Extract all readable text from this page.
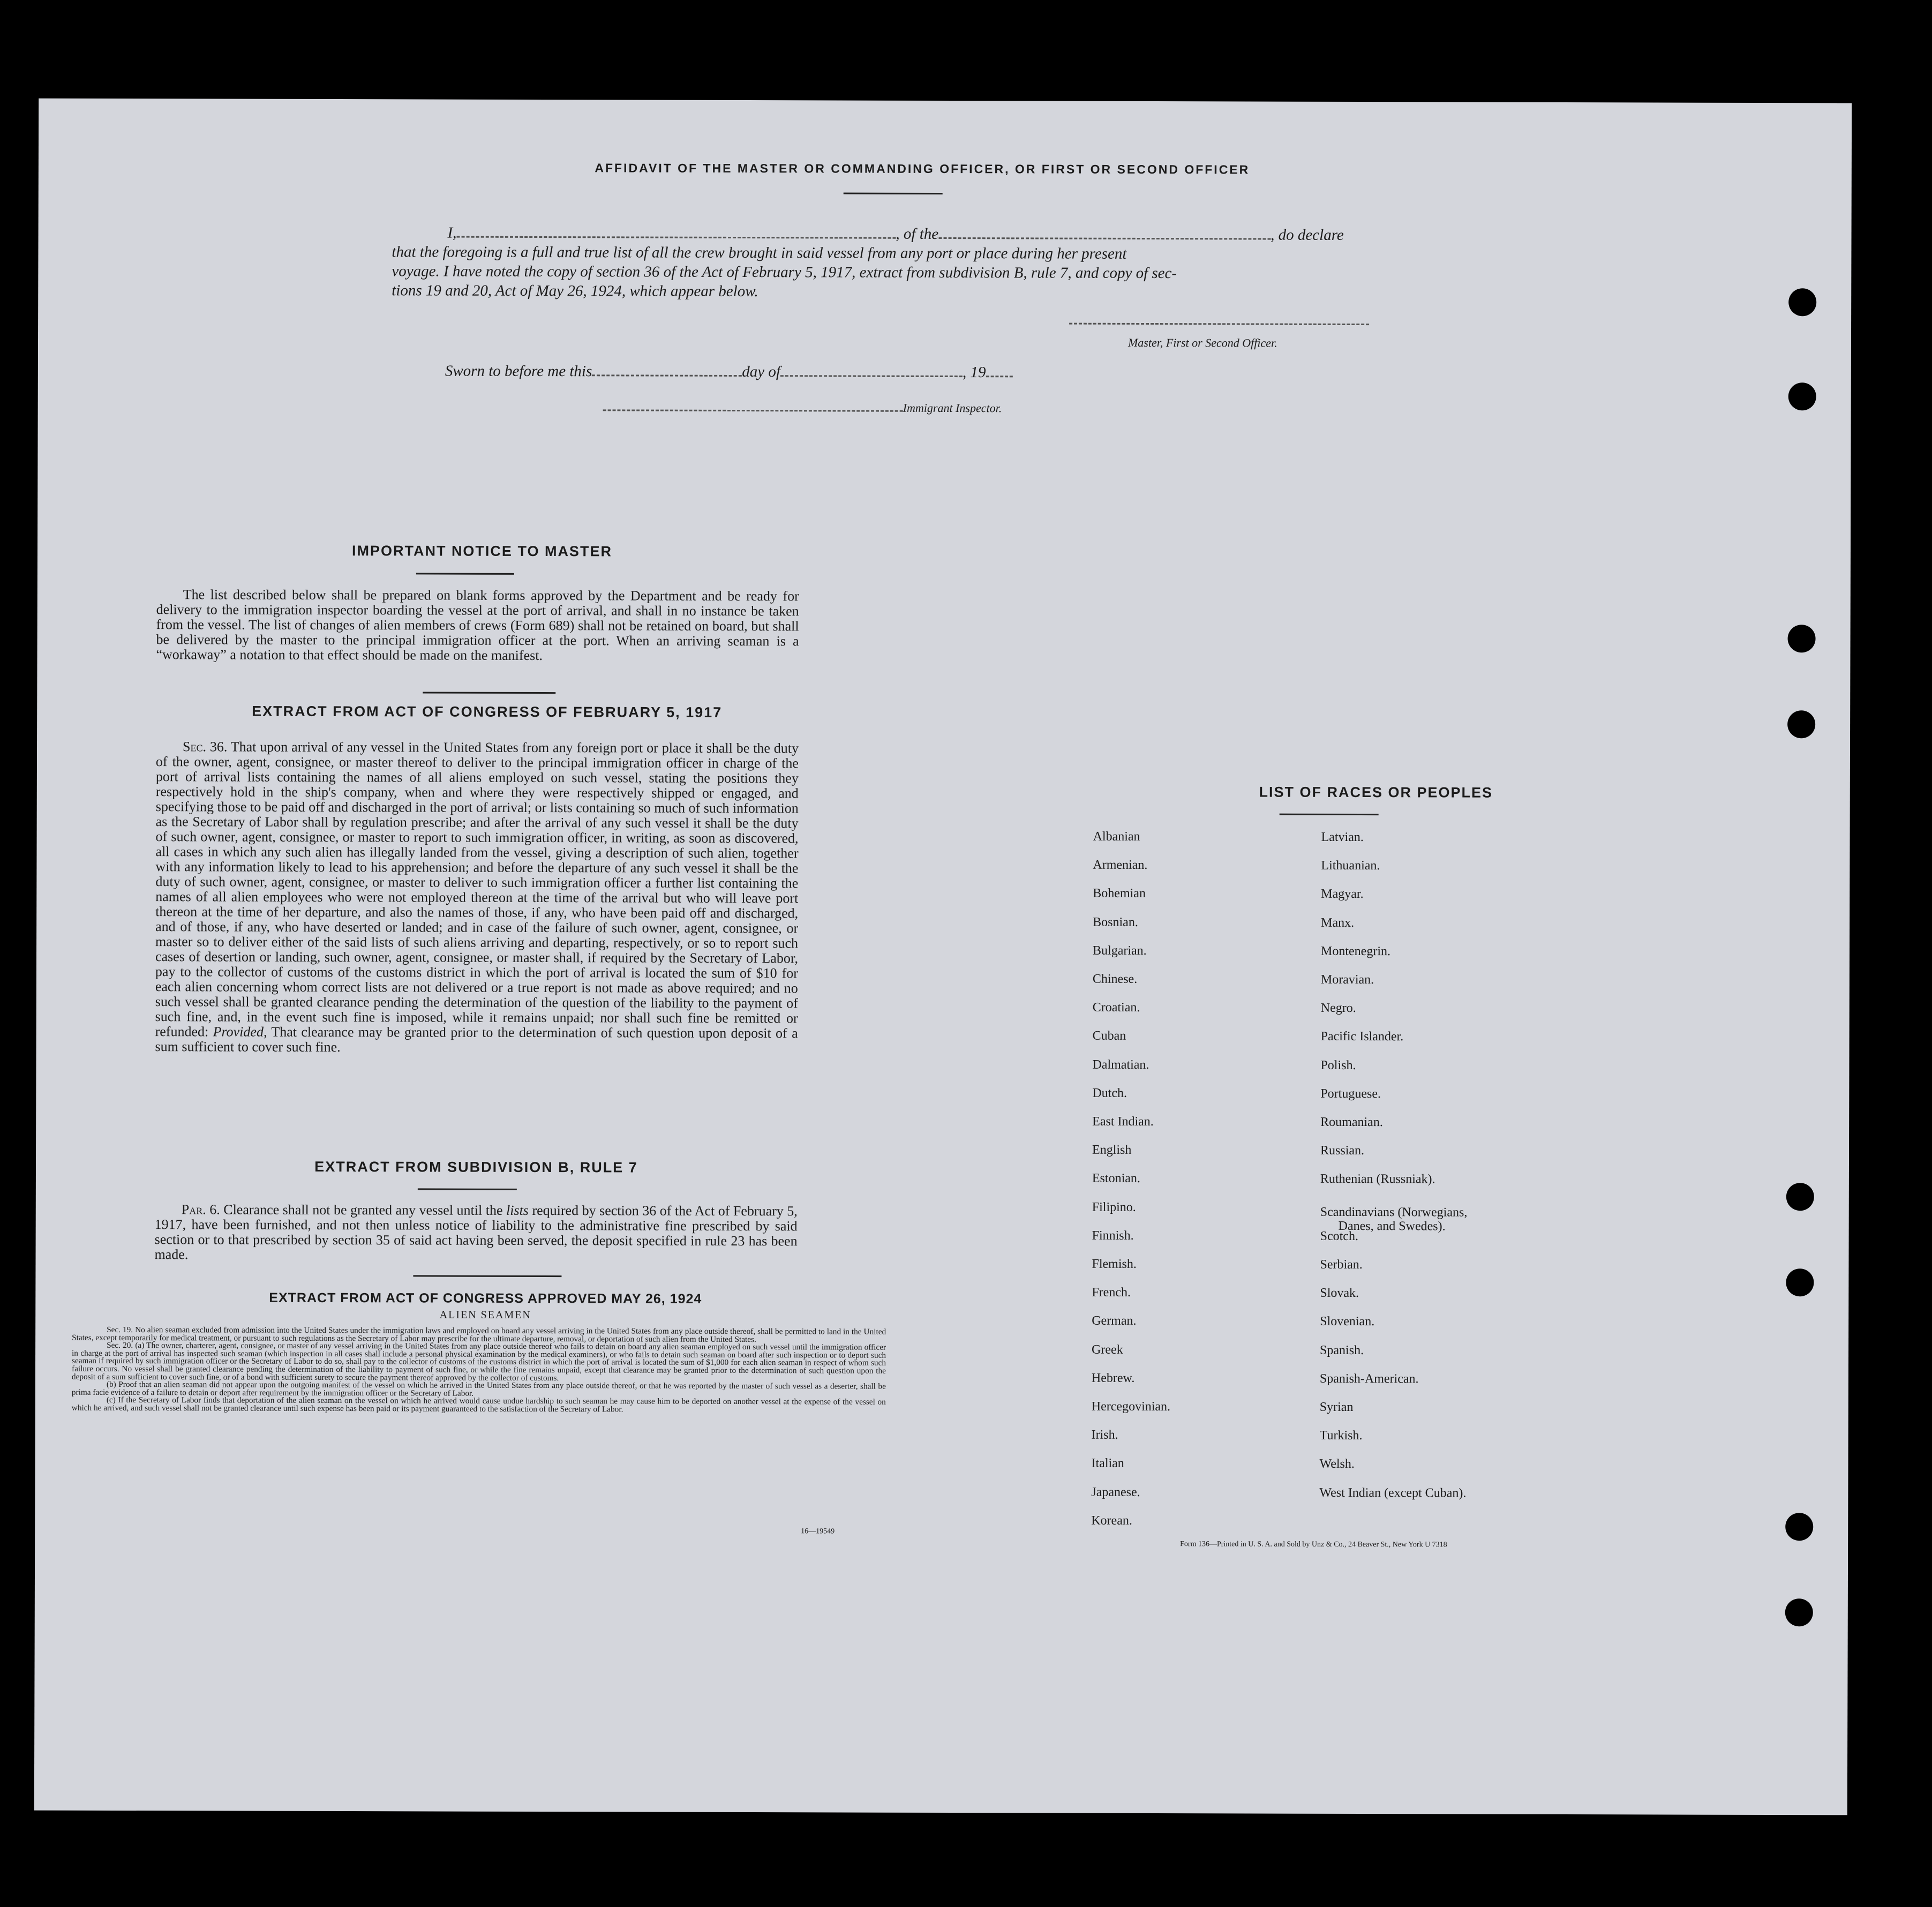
AFFIDAVIT OF THE MASTER OR COMMANDING OFFICER, OR FIRST OR SECOND OFFICER
I,	, of the	, do declare
that the foregoing is a full and true list of all the crew brought in said vessel from any port or place during her present
voyage. I have noted the copy of section 36 of the Act of February 5, 1917, extract from subdivision B, rule 7, and copy of sec-
tions 19 and 20, Act of May 26, 1924, which appear below.
Master, First or Second Officer.
Sworn to before me this	day of	, 19
Immigrant Inspector.
IMPORTANT NOTICE TO MASTER

The list described below shall be prepared on blank forms approved by the Department and be ready for delivery to the immigration inspector boarding the vessel at the port of arrival, and shall in no instance be taken from the vessel. The list of changes of alien members of crews (Form 689) shall not be retained on board, but shall be delivered by the master to the principal immigration officer at the port. When an arriving seaman is a “workaway” a notation to that effect should be made on the manifest.

EXTRACT FROM ACT OF CONGRESS OF FEBRUARY 5, 1917

Sec. 36. That upon arrival of any vessel in the United States from any foreign port or place it shall be the duty of the owner, agent, consignee, or master thereof to deliver to the principal immigration officer in charge of the port of arrival lists containing the names of all aliens employed on such vessel, stating the positions they respectively hold in the ship's company, when and where they were respectively shipped or engaged, and specifying those to be paid off and discharged in the port of arrival; or lists containing so much of such information as the Secretary of Labor shall by regulation prescribe; and after the arrival of any such vessel it shall be the duty of such owner, agent, consignee, or master to report to such immigration officer, in writing, as soon as discovered, all cases in which any such alien has illegally landed from the vessel, giving a description of such alien, together with any information likely to lead to his apprehension; and before the departure of any such vessel it shall be the duty of such owner, agent, consignee, or master to deliver to such immigration officer a further list containing the names of all alien employees who were not employed thereon at the time of the arrival but who will leave port thereon at the time of her departure, and also the names of those, if any, who have been paid off and discharged, and of those, if any, who have deserted or landed; and in case of the failure of such owner, agent, consignee, or master so to deliver either of the said lists of such aliens arriving and departing, respectively, or so to report such cases of desertion or landing, such owner, agent, consignee, or master shall, if required by the Secretary of Labor, pay to the collector of customs of the customs district in which the port of arrival is located the sum of $10 for each alien concerning whom correct lists are not delivered or a true report is not made as above required; and no such vessel shall be granted clearance pending the determination of the question of the liability to the payment of such fine, and, in the event such fine is imposed, while it remains unpaid; nor shall such fine be remitted or refunded: Provided, That clearance may be granted prior to the determination of such question upon deposit of a sum sufficient to cover such fine.

EXTRACT FROM SUBDIVISION B, RULE 7

Par. 6. Clearance shall not be granted any vessel until the lists required by section 36 of the Act of February 5, 1917, have been furnished, and not then unless notice of liability to the administrative fine prescribed by said section or to that prescribed by section 35 of said act having been served, the deposit specified in rule 23 has been made.

EXTRACT FROM ACT OF CONGRESS APPROVED MAY 26, 1924
ALIEN SEAMEN

Sec. 19. No alien seaman excluded from admission into the United States under the immigration laws and employed on board any vessel arriving in the United States from any place outside thereof, shall be permitted to land in the United States, except temporarily for medical treatment, or pursuant to such regulations as the Secretary of Labor may prescribe for the ultimate departure, removal, or deportation of such alien from the United States.

Sec. 20. (a) The owner, charterer, agent, consignee, or master of any vessel arriving in the United States from any place outside thereof who fails to detain on board any alien seaman employed on such vessel until the immigration officer in charge at the port of arrival has inspected such seaman (which inspection in all cases shall include a personal physical examination by the medical examiners), or who fails to detain such seaman on board after such inspection or to deport such seaman if required by such immigration officer or the Secretary of Labor to do so, shall pay to the collector of customs of the customs district in which the port of arrival is located the sum of $1,000 for each alien seaman in respect of whom such failure occurs. No vessel shall be granted clearance pending the determination of the liability to payment of such fine, or while the fine remains unpaid, except that clearance may be granted prior to the determination of such question upon the deposit of a sum sufficient to cover such fine, or of a bond with sufficient surety to secure the payment thereof approved by the collector of customs.

(b) Proof that an alien seaman did not appear upon the outgoing manifest of the vessel on which he arrived in the United States from any place outside thereof, or that he was reported by the master of such vessel as a deserter, shall be prima facie evidence of a failure to detain or deport after requirement by the immigration officer or the Secretary of Labor.

(c) If the Secretary of Labor finds that deportation of the alien seaman on the vessel on which he arrived would cause undue hardship to such seaman he may cause him to be deported on another vessel at the expense of the vessel on which he arrived, and such vessel shall not be granted clearance until such expense has been paid or its payment guaranteed to the satisfaction of the Secretary of Labor.

16—19549
LIST OF RACES OR PEOPLES
Albanian
Armenian.
Bohemian
Bosnian.
Bulgarian.
Chinese.
Croatian.
Cuban
Dalmatian.
Dutch.
East Indian.
English
Estonian.
Filipino.
Finnish.
Flemish.
French.
German.
Greek
Hebrew.
Hercegovinian.
Irish.
Italian
Japanese.
Korean.
Latvian.
Lithuanian.
Magyar.
Manx.
Montenegrin.
Moravian.
Negro.
Pacific Islander.
Polish.
Portuguese.
Roumanian.
Russian.
Ruthenian (Russniak).
Scandinavians (Norwegians,
Danes, and Swedes).
Scotch.
Serbian.
Slovak.
Slovenian.
Spanish.
Spanish-American.
Syrian
Turkish.
Welsh.
West Indian (except Cuban).
Form 136—Printed in U. S. A. and Sold by Unz & Co., 24 Beaver St., New York U 7318
